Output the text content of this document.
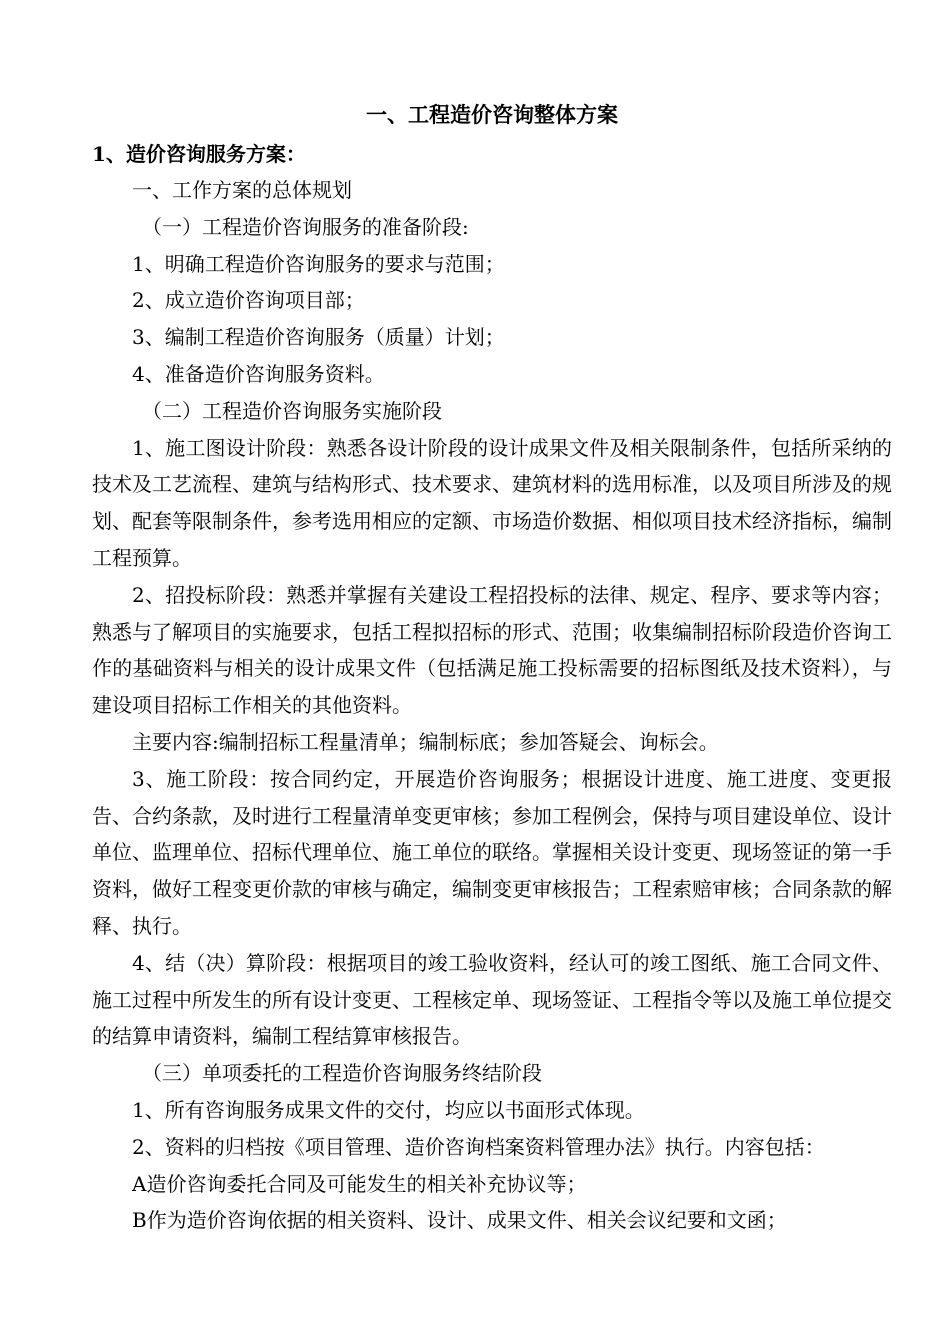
一、工程造价咨询整体方案
1、造价咨询服务方案：
一、工作方案的总体规划
（一）工程造价咨询服务的准备阶段:
1、明确工程造价咨询服务的要求与范围；
2、成立造价咨询项目部；
3、编制工程造价咨询服务（质量）计划；
4、准备造价咨询服务资料。
（二）工程造价咨询服务实施阶段
1、施工图设计阶段：熟悉各设计阶段的设计成果文件及相关限制条件，包括所采纳的技术及工艺流程、建筑与结构形式、技术要求、建筑材料的选用标准，以及项目所涉及的规划、配套等限制条件，参考选用相应的定额、市场造价数据、相似项目技术经济指标，编制工程预算。
2、招投标阶段：熟悉并掌握有关建设工程招投标的法律、规定、程序、要求等内容；熟悉与了解项目的实施要求，包括工程拟招标的形式、范围；收集编制招标阶段造价咨询工作的基础资料与相关的设计成果文件（包括满足施工投标需要的招标图纸及技术资料），与建设项目招标工作相关的其他资料。
主要内容:编制招标工程量清单；编制标底；参加答疑会、询标会。
3、施工阶段：按合同约定，开展造价咨询服务；根据设计进度、施工进度、变更报告、合约条款，及时进行工程量清单变更审核；参加工程例会，保持与项目建设单位、设计单位、监理单位、招标代理单位、施工单位的联络。掌握相关设计变更、现场签证的第一手资料，做好工程变更价款的审核与确定，编制变更审核报告；工程索赔审核；合同条款的解释、执行。
4、结（决）算阶段：根据项目的竣工验收资料，经认可的竣工图纸、施工合同文件、施工过程中所发生的所有设计变更、工程核定单、现场签证、工程指令等以及施工单位提交的结算申请资料，编制工程结算审核报告。
（三）单项委托的工程造价咨询服务终结阶段
1、所有咨询服务成果文件的交付，均应以书面形式体现。
2、资料的归档按《项目管理、造价咨询档案资料管理办法》执行。内容包括：
A造价咨询委托合同及可能发生的相关补充协议等；
B作为造价咨询依据的相关资料、设计、成果文件、相关会议纪要和文函；
